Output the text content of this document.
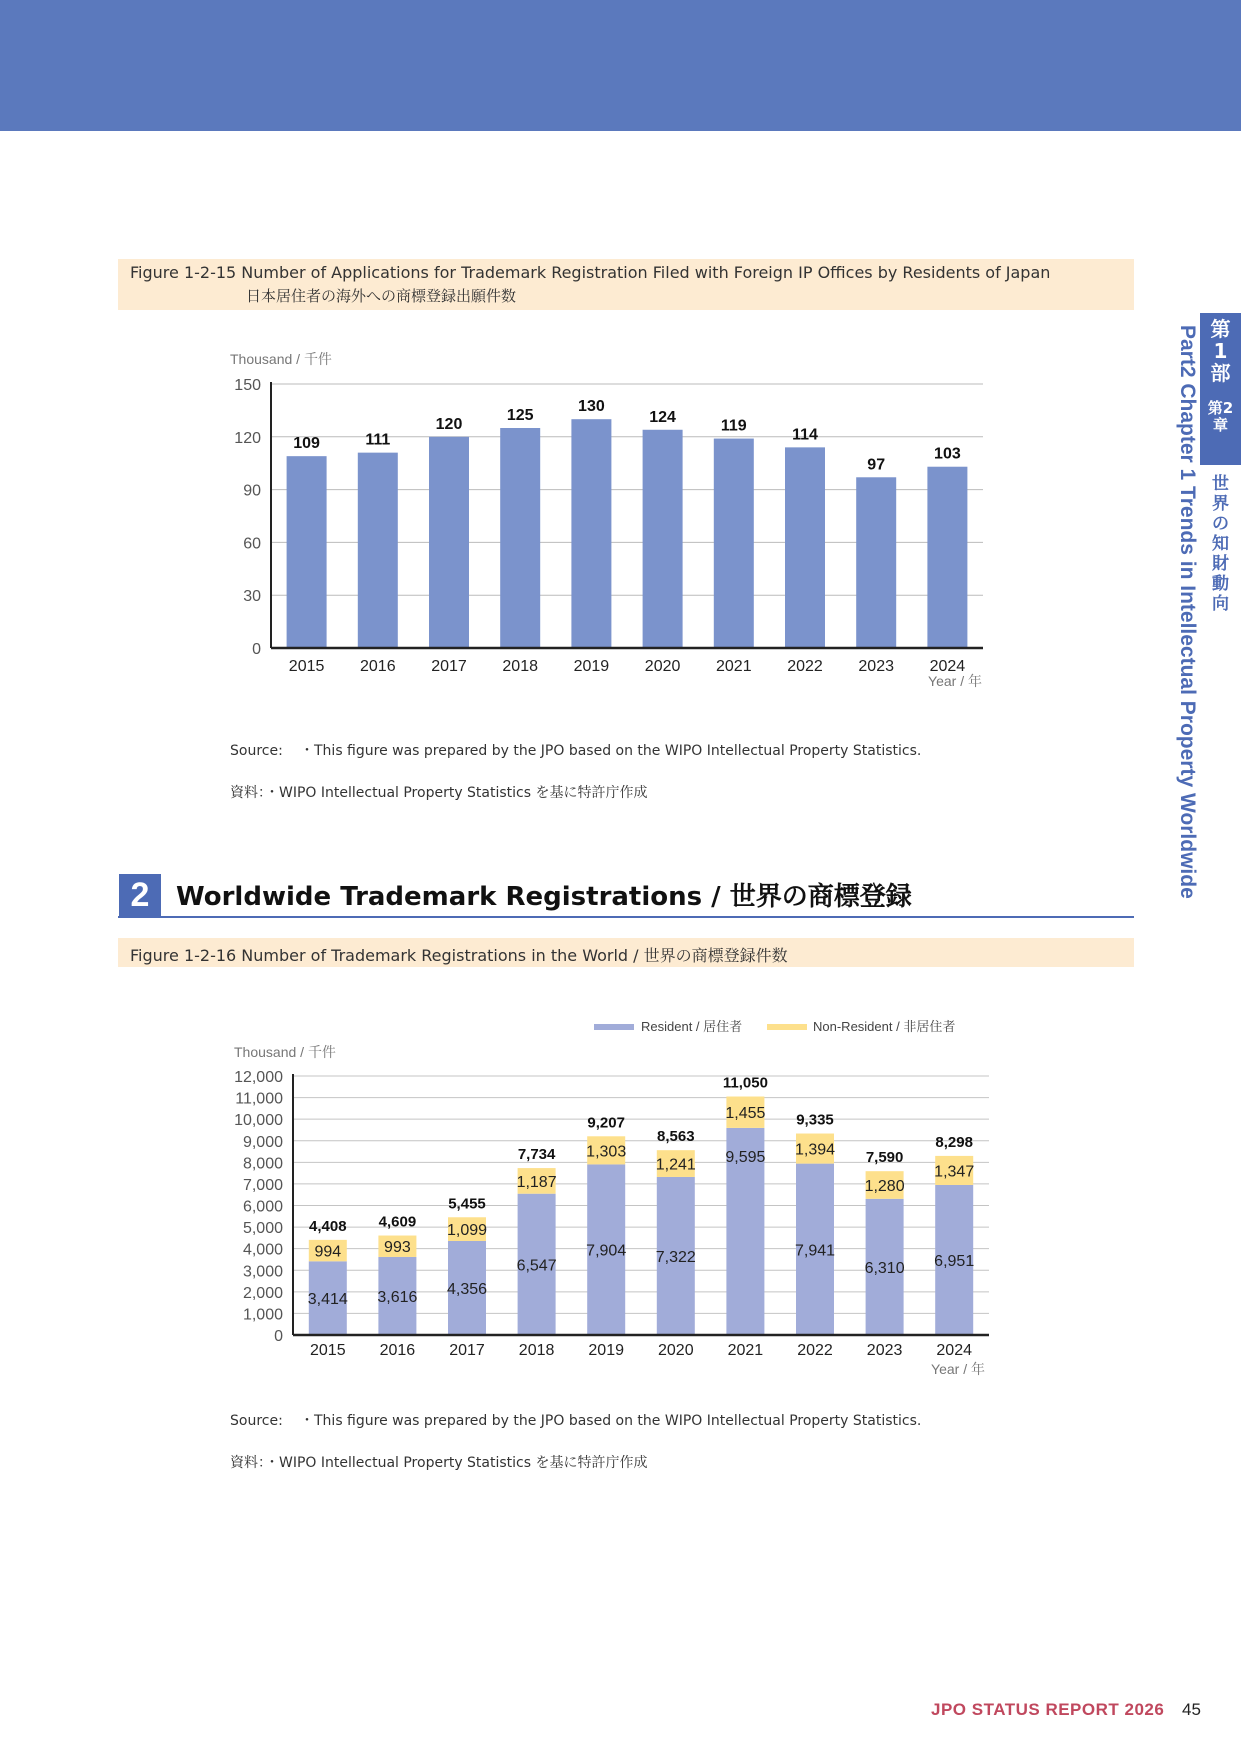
Figure 1-2-15 Number of Applications for Trademark Registration Filed with Foreign IP Offices by Residents of Japan
日本居住者の海外への商標登録出願件数
0
30
60
90
120
150
109
2015
111
2016
120
2017
125
2018
130
2019
124
2020
119
2021
114
2022
97
2023
103
2024
Thousand / 千件
Year / 年
Source: ・This figure was prepared by the JPO based on the WIPO Intellectual Property Statistics.
資料：・WIPO Intellectual Property Statistics を基に特許庁作成
2	Worldwide Trademark Registrations / 世界の商標登録
Figure 1-2-16 Number of Trademark Registrations in the World / 世界の商標登録件数
Resident / 居住者	Non-Resident / 非居住者
0
1,000
2,000
3,000
4,000
5,000
6,000
7,000
8,000
9,000
10,000
11,000
12,000
3,414
994
4,408
2015
3,616
993
4,609
2016
4,356
1,099
5,455
2017
6,547
1,187
7,734
2018
7,904
1,303
9,207
2019
7,322
1,241
8,563
2020
9,595
1,455
11,050
2021
7,941
1,394
9,335
2022
6,310
1,280
7,590
2023
6,951
1,347
8,298
2024
Thousand / 千件
Year / 年
Source: ・This figure was prepared by the JPO based on the WIPO Intellectual Property Statistics.
資料：・WIPO Intellectual Property Statistics を基に特許庁作成
第1部
第2章
世界の知財動向
Part2 Chapter 1 Trends in Intellectual Property Worldwide
JPO STATUS REPORT 2026 45
